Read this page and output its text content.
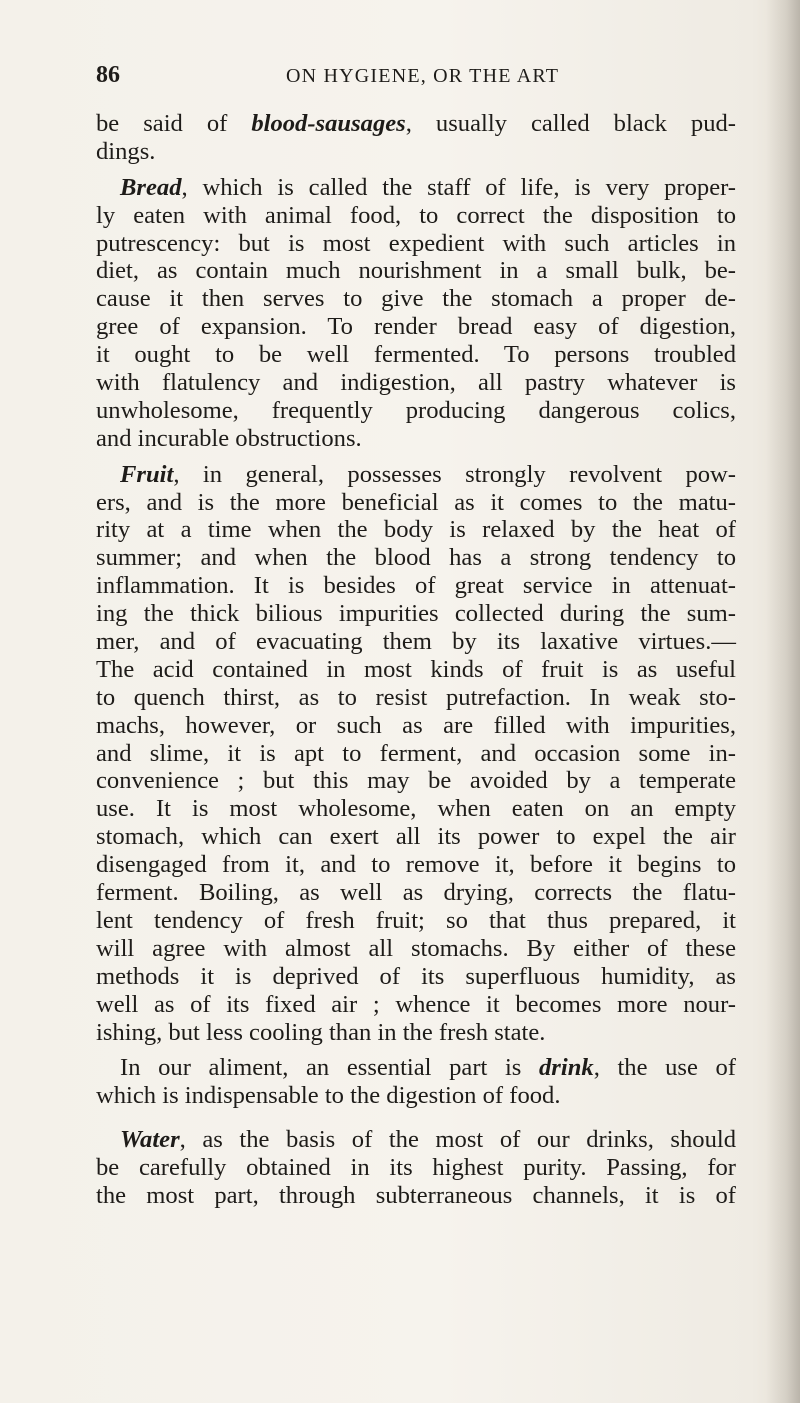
86	ON HYGIENE, OR THE ART
be said of blood-sausages, usually called black pud-
dings.
Bread, which is called the staff of life, is very proper-
ly eaten with animal food, to correct the disposition to
putrescency: but is most expedient with such articles in
diet, as contain much nourishment in a small bulk, be-
cause it then serves to give the stomach a proper de-
gree of expansion. To render bread easy of digestion,
it ought to be well fermented. To persons troubled
with flatulency and indigestion, all pastry whatever is
unwholesome, frequently producing dangerous colics,
and incurable obstructions.
Fruit, in general, possesses strongly revolvent pow-
ers, and is the more beneficial as it comes to the matu-
rity at a time when the body is relaxed by the heat of
summer; and when the blood has a strong tendency to
inflammation. It is besides of great service in attenuat-
ing the thick bilious impurities collected during the sum-
mer, and of evacuating them by its laxative virtues.—
The acid contained in most kinds of fruit is as useful
to quench thirst, as to resist putrefaction. In weak sto-
machs, however, or such as are filled with impurities,
and slime, it is apt to ferment, and occasion some in-
convenience ; but this may be avoided by a temperate
use. It is most wholesome, when eaten on an empty
stomach, which can exert all its power to expel the air
disengaged from it, and to remove it, before it begins to
ferment. Boiling, as well as drying, corrects the flatu-
lent tendency of fresh fruit; so that thus prepared, it
will agree with almost all stomachs. By either of these
methods it is deprived of its superfluous humidity, as
well as of its fixed air ; whence it becomes more nour-
ishing, but less cooling than in the fresh state.
In our aliment, an essential part is drink, the use of
which is indispensable to the digestion of food.
Water, as the basis of the most of our drinks, should
be carefully obtained in its highest purity. Passing, for
the most part, through subterraneous channels, it is of
